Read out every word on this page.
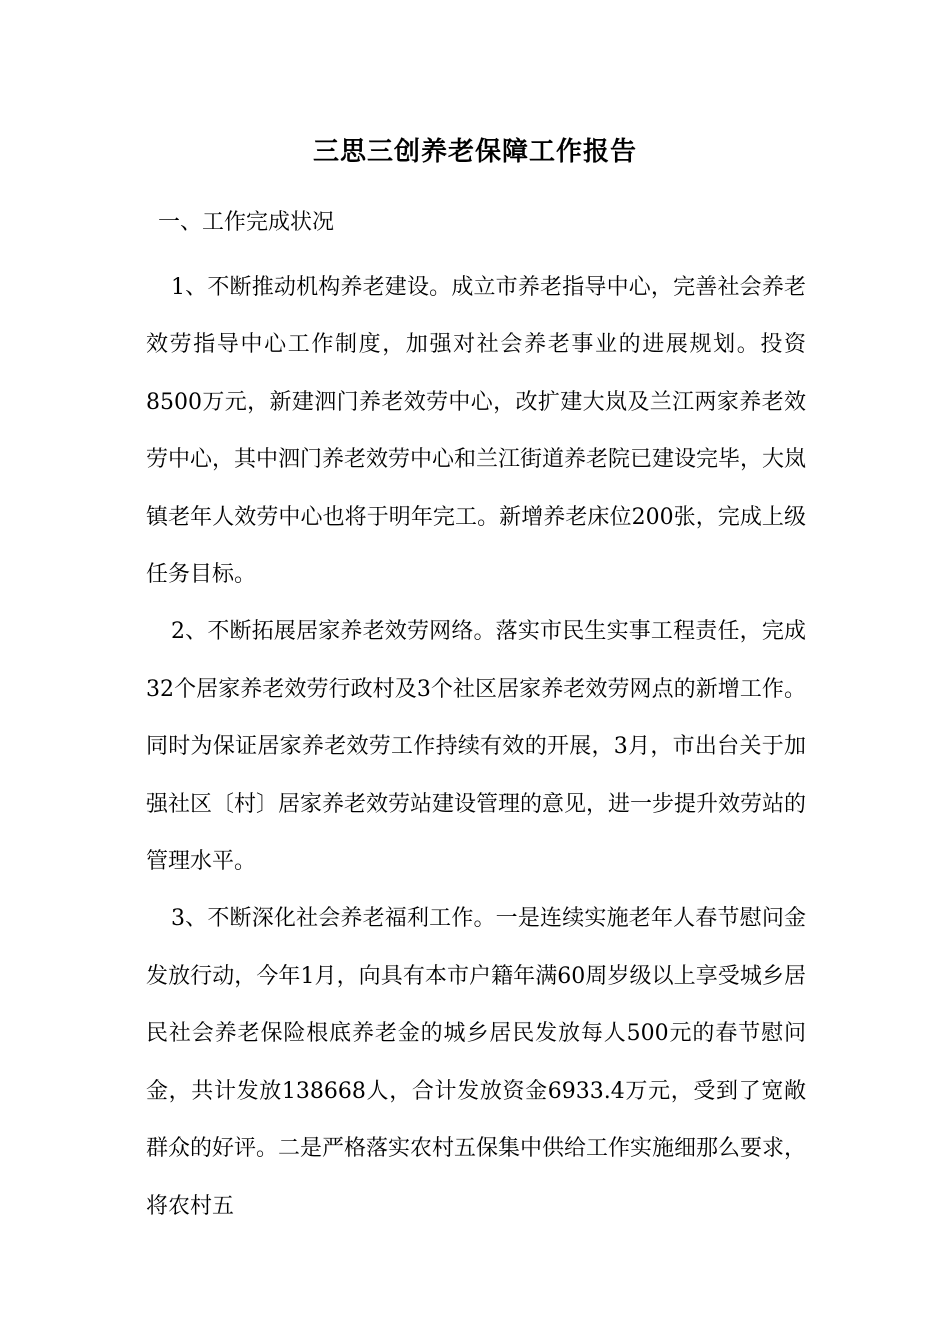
三思三创养老保障工作报告
一、工作完成状况

1、不断推动机构养老建设。成立市养老指导中心，完善社会养老效劳指导中心工作制度，加强对社会养老事业的进展规划。投资8500万元，新建泗门养老效劳中心，改扩建大岚及兰江两家养老效劳中心，其中泗门养老效劳中心和兰江街道养老院已建设完毕，大岚镇老年人效劳中心也将于明年完工。新增养老床位200张，完成上级任务目标。

2、不断拓展居家养老效劳网络。落实市民生实事工程责任，完成32个居家养老效劳行政村及3个社区居家养老效劳网点的新增工作。同时为保证居家养老效劳工作持续有效的开展，3月，市出台关于加强社区〔村〕居家养老效劳站建设管理的意见，进一步提升效劳站的管理水平。

3、不断深化社会养老福利工作。一是连续实施老年人春节慰问金发放行动，今年1月，向具有本市户籍年满60周岁级以上享受城乡居民社会养老保险根底养老金的城乡居民发放每人500元的春节慰问金，共计发放138668人，合计发放资金6933.4万元，受到了宽敞群众的好评。二是严格落实农村五保集中供给工作实施细那么要求，将农村五
